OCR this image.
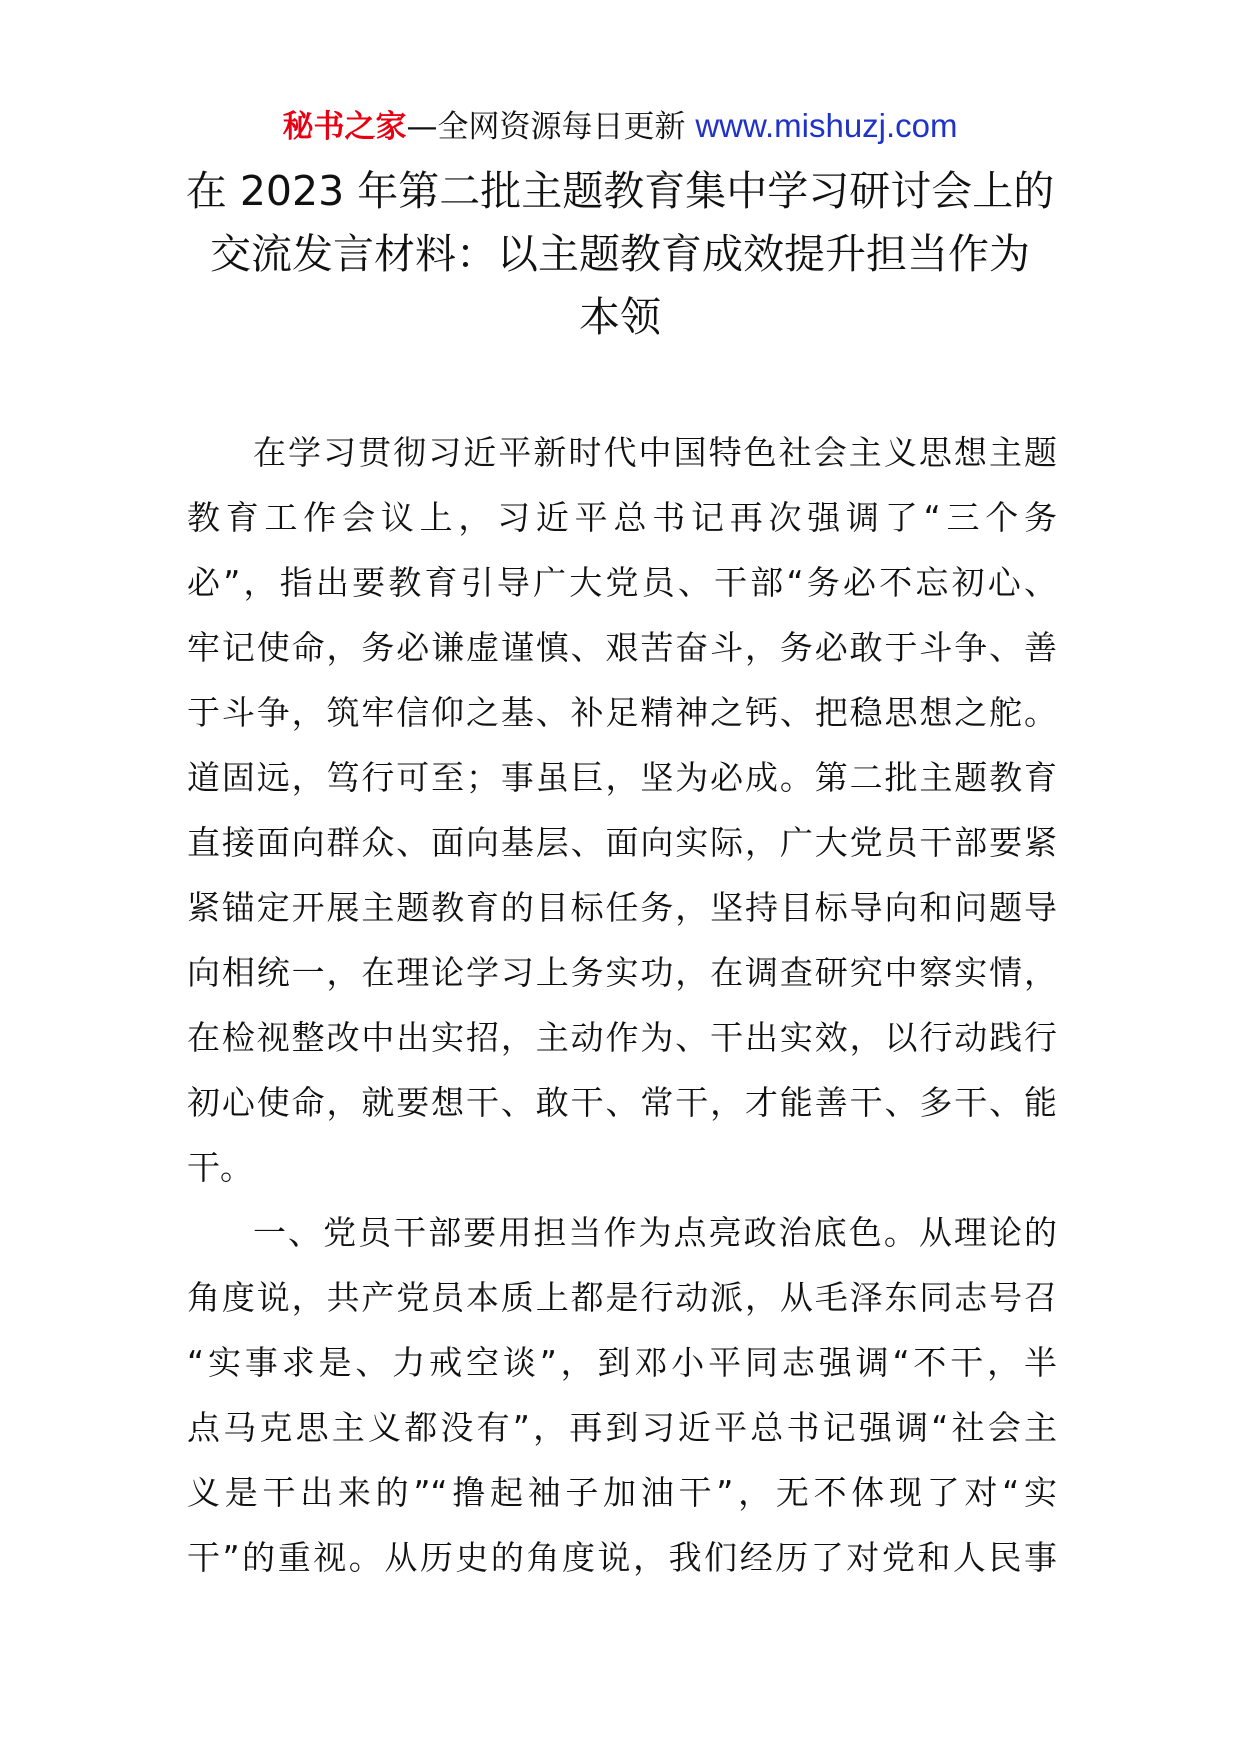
秘书之家—全网资源每日更新 www.mishuzj.com
在 2023 年第二批主题教育集中学习研讨会上的
交流发言材料：以主题教育成效提升担当作为
本领
在学习贯彻习近平新时代中国特色社会主义思想主题
教育工作会议上，习近平总书记再次强调了“三个务
必”，指出要教育引导广大党员、干部“务必不忘初心、
牢记使命，务必谦虚谨慎、艰苦奋斗，务必敢于斗争、善
于斗争，筑牢信仰之基、补足精神之钙、把稳思想之舵。
道固远，笃行可至；事虽巨，坚为必成。第二批主题教育
直接面向群众、面向基层、面向实际，广大党员干部要紧
紧锚定开展主题教育的目标任务，坚持目标导向和问题导
向相统一，在理论学习上务实功，在调查研究中察实情，
在检视整改中出实招，主动作为、干出实效，以行动践行
初心使命，就要想干、敢干、常干，才能善干、多干、能
干。
一、党员干部要用担当作为点亮政治底色。从理论的
角度说，共产党员本质上都是行动派，从毛泽东同志号召
“实事求是、力戒空谈”，到邓小平同志强调“不干，半
点马克思主义都没有”，再到习近平总书记强调“社会主
义是干出来的”“撸起袖子加油干”，无不体现了对“实
干”的重视。从历史的角度说，我们经历了对党和人民事
